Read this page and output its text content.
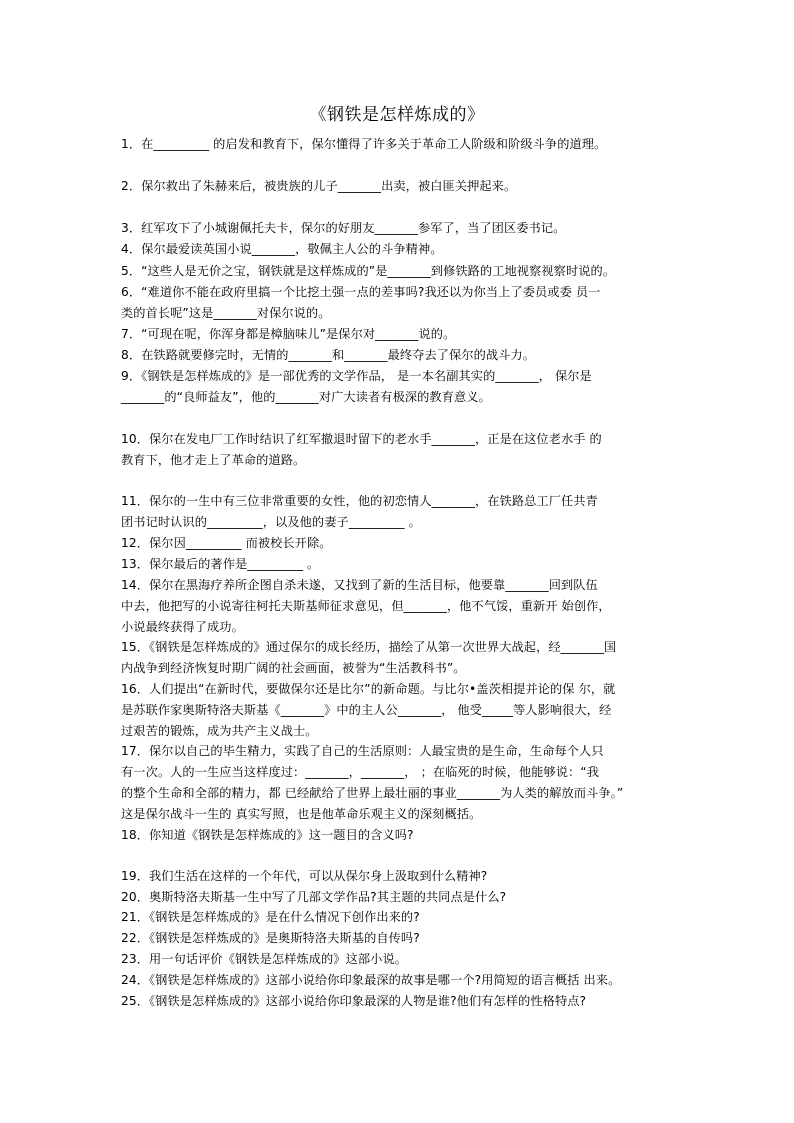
《钢铁是怎样炼成的》
1．在_________ 的启发和教育下，保尔懂得了许多关于革命工人阶级和阶级斗争的道理。
2．保尔救出了朱赫来后，被贵族的儿子_______出卖，被白匪关押起来。
3．红军攻下了小城谢佩托夫卡，保尔的好朋友_______参军了，当了团区委书记。
4．保尔最爱读英国小说_______，敬佩主人公的斗争精神。
5．“这些人是无价之宝，钢铁就是这样炼成的”是_______到修铁路的工地视察视察时说的。
6．“难道你不能在政府里搞一个比挖土强一点的差事吗?我还以为你当上了委员或委 员一
类的首长呢”这是_______对保尔说的。
7．“可现在呢，你浑身都是樟脑味儿”是保尔对_______说的。
8．在铁路就要修完时，无情的_______和_______最终夺去了保尔的战斗力。
9．《钢铁是怎样炼成的》是一部优秀的文学作品， 是一本名副其实的_______， 保尔是
_______的“良师益友”，他的_______对广大读者有极深的教育意义。
10．保尔在发电厂工作时结识了红军撤退时留下的老水手_______，正是在这位老水手 的
教育下，他才走上了革命的道路。
11．保尔的一生中有三位非常重要的女性，他的初恋情人_______，在铁路总工厂任共青
团书记时认识的_________，以及他的妻子_________ 。
12．保尔因_________ 而被校长开除。
13．保尔最后的著作是_________ 。
14．保尔在黑海疗养所企图自杀未遂，又找到了新的生活目标，他要靠_______回到队伍
中去，他把写的小说寄往柯托夫斯基师征求意见，但_______，他不气馁，重新开 始创作，
小说最终获得了成功。
15．《钢铁是怎样炼成的》通过保尔的成长经历，描绘了从第一次世界大战起，经_______国
内战争到经济恢复时期广阔的社会画面，被誉为“生活教科书”。
16．人们提出“在新时代，要做保尔还是比尔”的新命题。与比尔•盖茨相提并论的保 尔，就
是苏联作家奥斯特洛夫斯基《_______》中的主人公_______， 他受_____等人影响很大，经
过艰苦的锻炼，成为共产主义战士。
17．保尔以自己的毕生精力，实践了自己的生活原则：人最宝贵的是生命，生命每个人只
有一次。人的一生应当这样度过：_______，_______， ；在临死的时候，他能够说：“我
的整个生命和全部的精力，都 已经献给了世界上最壮丽的事业_______为人类的解放而斗争。”
这是保尔战斗一生的 真实写照，也是他革命乐观主义的深刻概括。
18．你知道《钢铁是怎样炼成的》这一题目的含义吗?
19．我们生活在这样的一个年代，可以从保尔身上汲取到什么精神?
20．奥斯特洛夫斯基一生中写了几部文学作品?其主题的共同点是什么?
21．《钢铁是怎样炼成的》是在什么情况下创作出来的?
22．《钢铁是怎样炼成的》是奥斯特洛夫斯基的自传吗?
23．用一句话评价《钢铁是怎样炼成的》这部小说。
24．《钢铁是怎样炼成的》这部小说给你印象最深的故事是哪一个?用简短的语言概括 出来。
25．《钢铁是怎样炼成的》这部小说给你印象最深的人物是谁?他们有怎样的性格特点?
